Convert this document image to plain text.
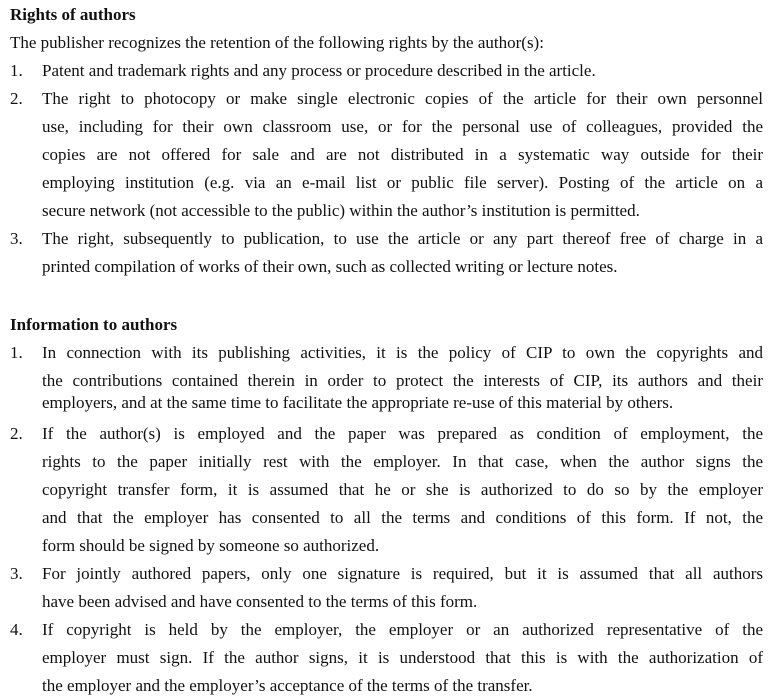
Rights of authors
The publisher recognizes the retention of the following rights by the author(s):
1. Patent and trademark rights and any process or procedure described in the article.
2. The right to photocopy or make single electronic copies of the article for their own personnel
use, including for their own classroom use, or for the personal use of colleagues, provided the
copies are not offered for sale and are not distributed in a systematic way outside for their
employing institution (e.g. via an e-mail list or public file server). Posting of the article on a
secure network (not accessible to the public) within the author’s institution is permitted.
3. The right, subsequently to publication, to use the article or any part thereof free of charge in a
printed compilation of works of their own, such as collected writing or lecture notes.
Information to authors
1. In connection with its publishing activities, it is the policy of CIP to own the copyrights and
the contributions contained therein in order to protect the interests of CIP, its authors and their
employers, and at the same time to facilitate the appropriate re-use of this material by others.
2. If the author(s) is employed and the paper was prepared as condition of employment, the
rights to the paper initially rest with the employer. In that case, when the author signs the
copyright transfer form, it is assumed that he or she is authorized to do so by the employer
and that the employer has consented to all the terms and conditions of this form. If not, the
form should be signed by someone so authorized.
3. For jointly authored papers, only one signature is required, but it is assumed that all authors
have been advised and have consented to the terms of this form.
4. If copyright is held by the employer, the employer or an authorized representative of the
employer must sign. If the author signs, it is understood that this is with the authorization of
the employer and the employer’s acceptance of the terms of the transfer.
